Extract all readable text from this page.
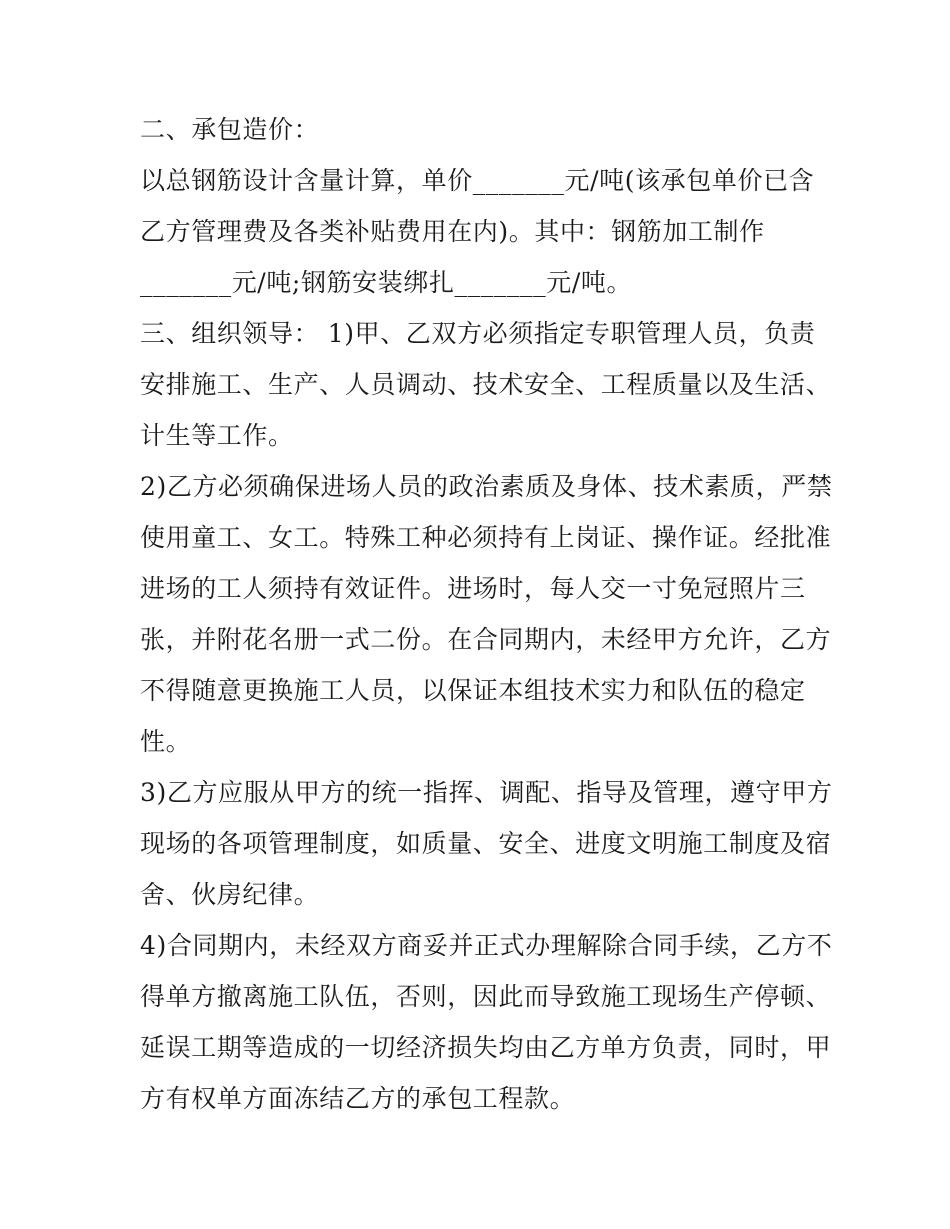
二、承包造价：
以总钢筋设计含量计算，单价_______元/吨(该承包单价已含
乙方管理费及各类补贴费用在内)。其中：钢筋加工制作
_______元/吨;钢筋安装绑扎_______元/吨。
三、组织领导： 1)甲、乙双方必须指定专职管理人员，负责
安排施工、生产、人员调动、技术安全、工程质量以及生活、
计生等工作。
2)乙方必须确保进场人员的政治素质及身体、技术素质，严禁
使用童工、女工。特殊工种必须持有上岗证、操作证。经批准
进场的工人须持有效证件。进场时，每人交一寸免冠照片三
张，并附花名册一式二份。在合同期内，未经甲方允许，乙方
不得随意更换施工人员，以保证本组技术实力和队伍的稳定
性。
3)乙方应服从甲方的统一指挥、调配、指导及管理，遵守甲方
现场的各项管理制度，如质量、安全、进度文明施工制度及宿
舍、伙房纪律。
4)合同期内，未经双方商妥并正式办理解除合同手续，乙方不
得单方撤离施工队伍，否则，因此而导致施工现场生产停顿、
延误工期等造成的一切经济损失均由乙方单方负责，同时，甲
方有权单方面冻结乙方的承包工程款。
